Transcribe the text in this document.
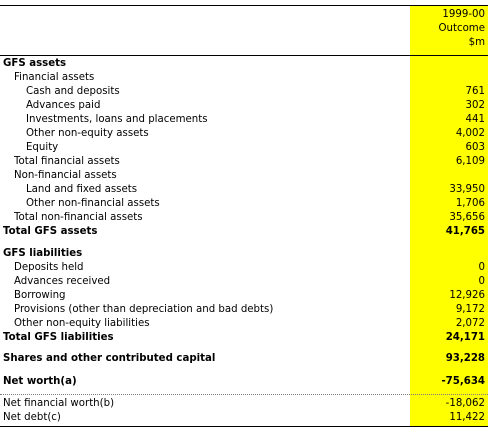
1999-00
Outcome
$m
GFS assets
Financial assets
Cash and deposits	761
Advances paid	302
Investments, loans and placements	441
Other non-equity assets	4,002
Equity	603
Total financial assets	6,109
Non-financial assets
Land and fixed assets	33,950
Other non-financial assets	1,706
Total non-financial assets	35,656
Total GFS assets	41,765
GFS liabilities
Deposits held	0
Advances received	0
Borrowing	12,926
Provisions (other than depreciation and bad debts)	9,172
Other non-equity liabilities	2,072
Total GFS liabilities	24,171
Shares and other contributed capital	93,228
Net worth(a)	-75,634
Net financial worth(b)	-18,062
Net debt(c)	11,422
